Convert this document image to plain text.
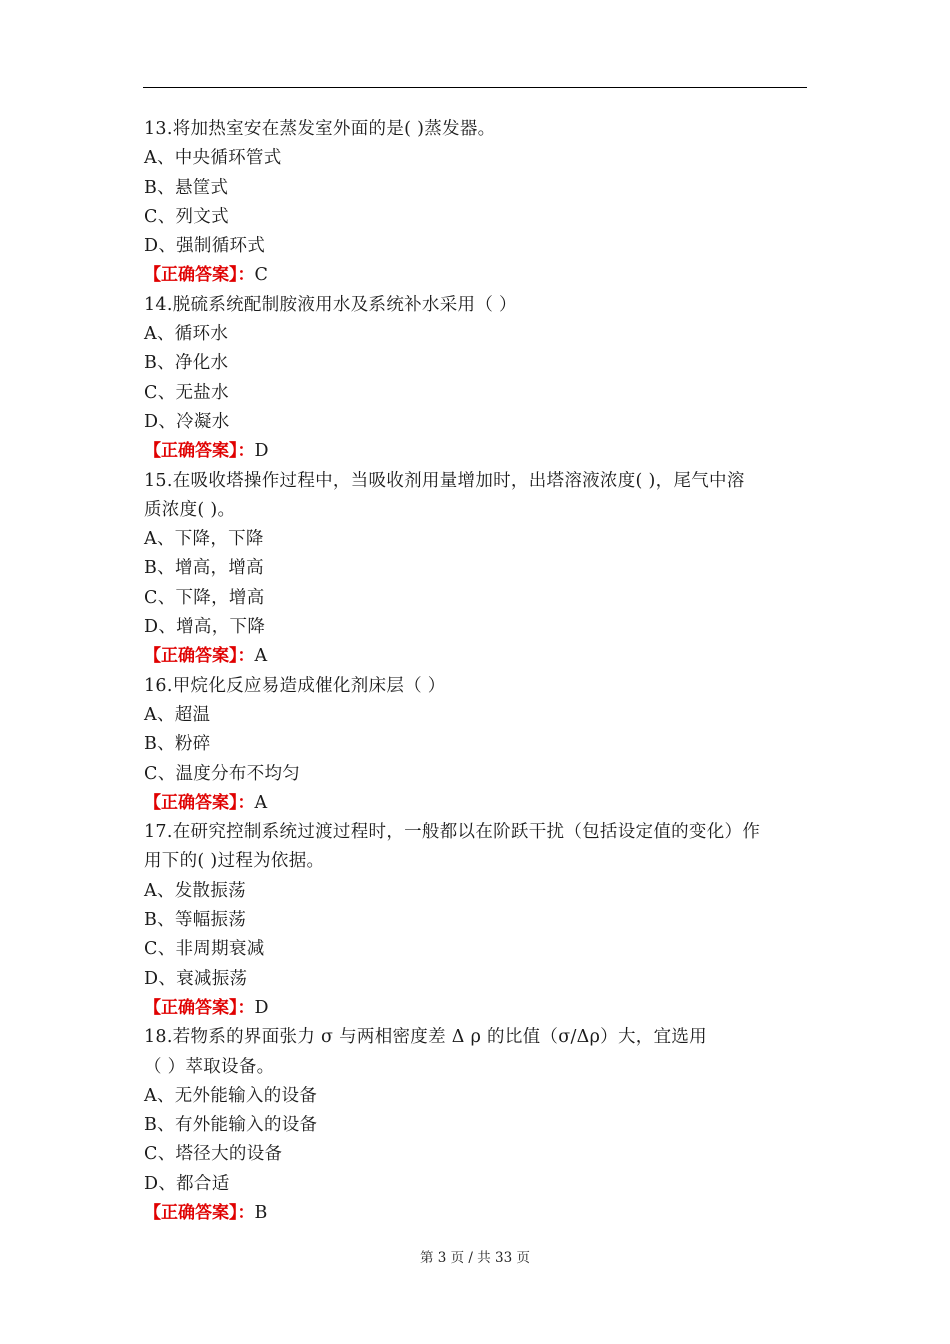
13.将加热室安在蒸发室外面的是( )蒸发器。
A、中央循环管式
B、悬筐式
C、列文式
D、强制循环式
【正确答案】：C
14.脱硫系统配制胺液用水及系统补水采用（ ）
A、循环水
B、净化水
C、无盐水
D、冷凝水
【正确答案】：D
15.在吸收塔操作过程中，当吸收剂用量增加时，出塔溶液浓度( )，尾气中溶
质浓度( )。
A、下降，下降
B、增高，增高
C、下降，增高
D、增高，下降
【正确答案】：A
16.甲烷化反应易造成催化剂床层（ ）
A、超温
B、粉碎
C、温度分布不均匀
【正确答案】：A
17.在研究控制系统过渡过程时，一般都以在阶跃干扰（包括设定值的变化）作
用下的( )过程为依据。
A、发散振荡
B、等幅振荡
C、非周期衰减
D、衰减振荡
【正确答案】：D
18.若物系的界面张力 σ 与两相密度差 Δ ρ 的比值（σ/Δρ）大，宜选用
（ ）萃取设备。
A、无外能输入的设备
B、有外能输入的设备
C、塔径大的设备
D、都合适
【正确答案】：B
第 3 页 / 共 33 页
